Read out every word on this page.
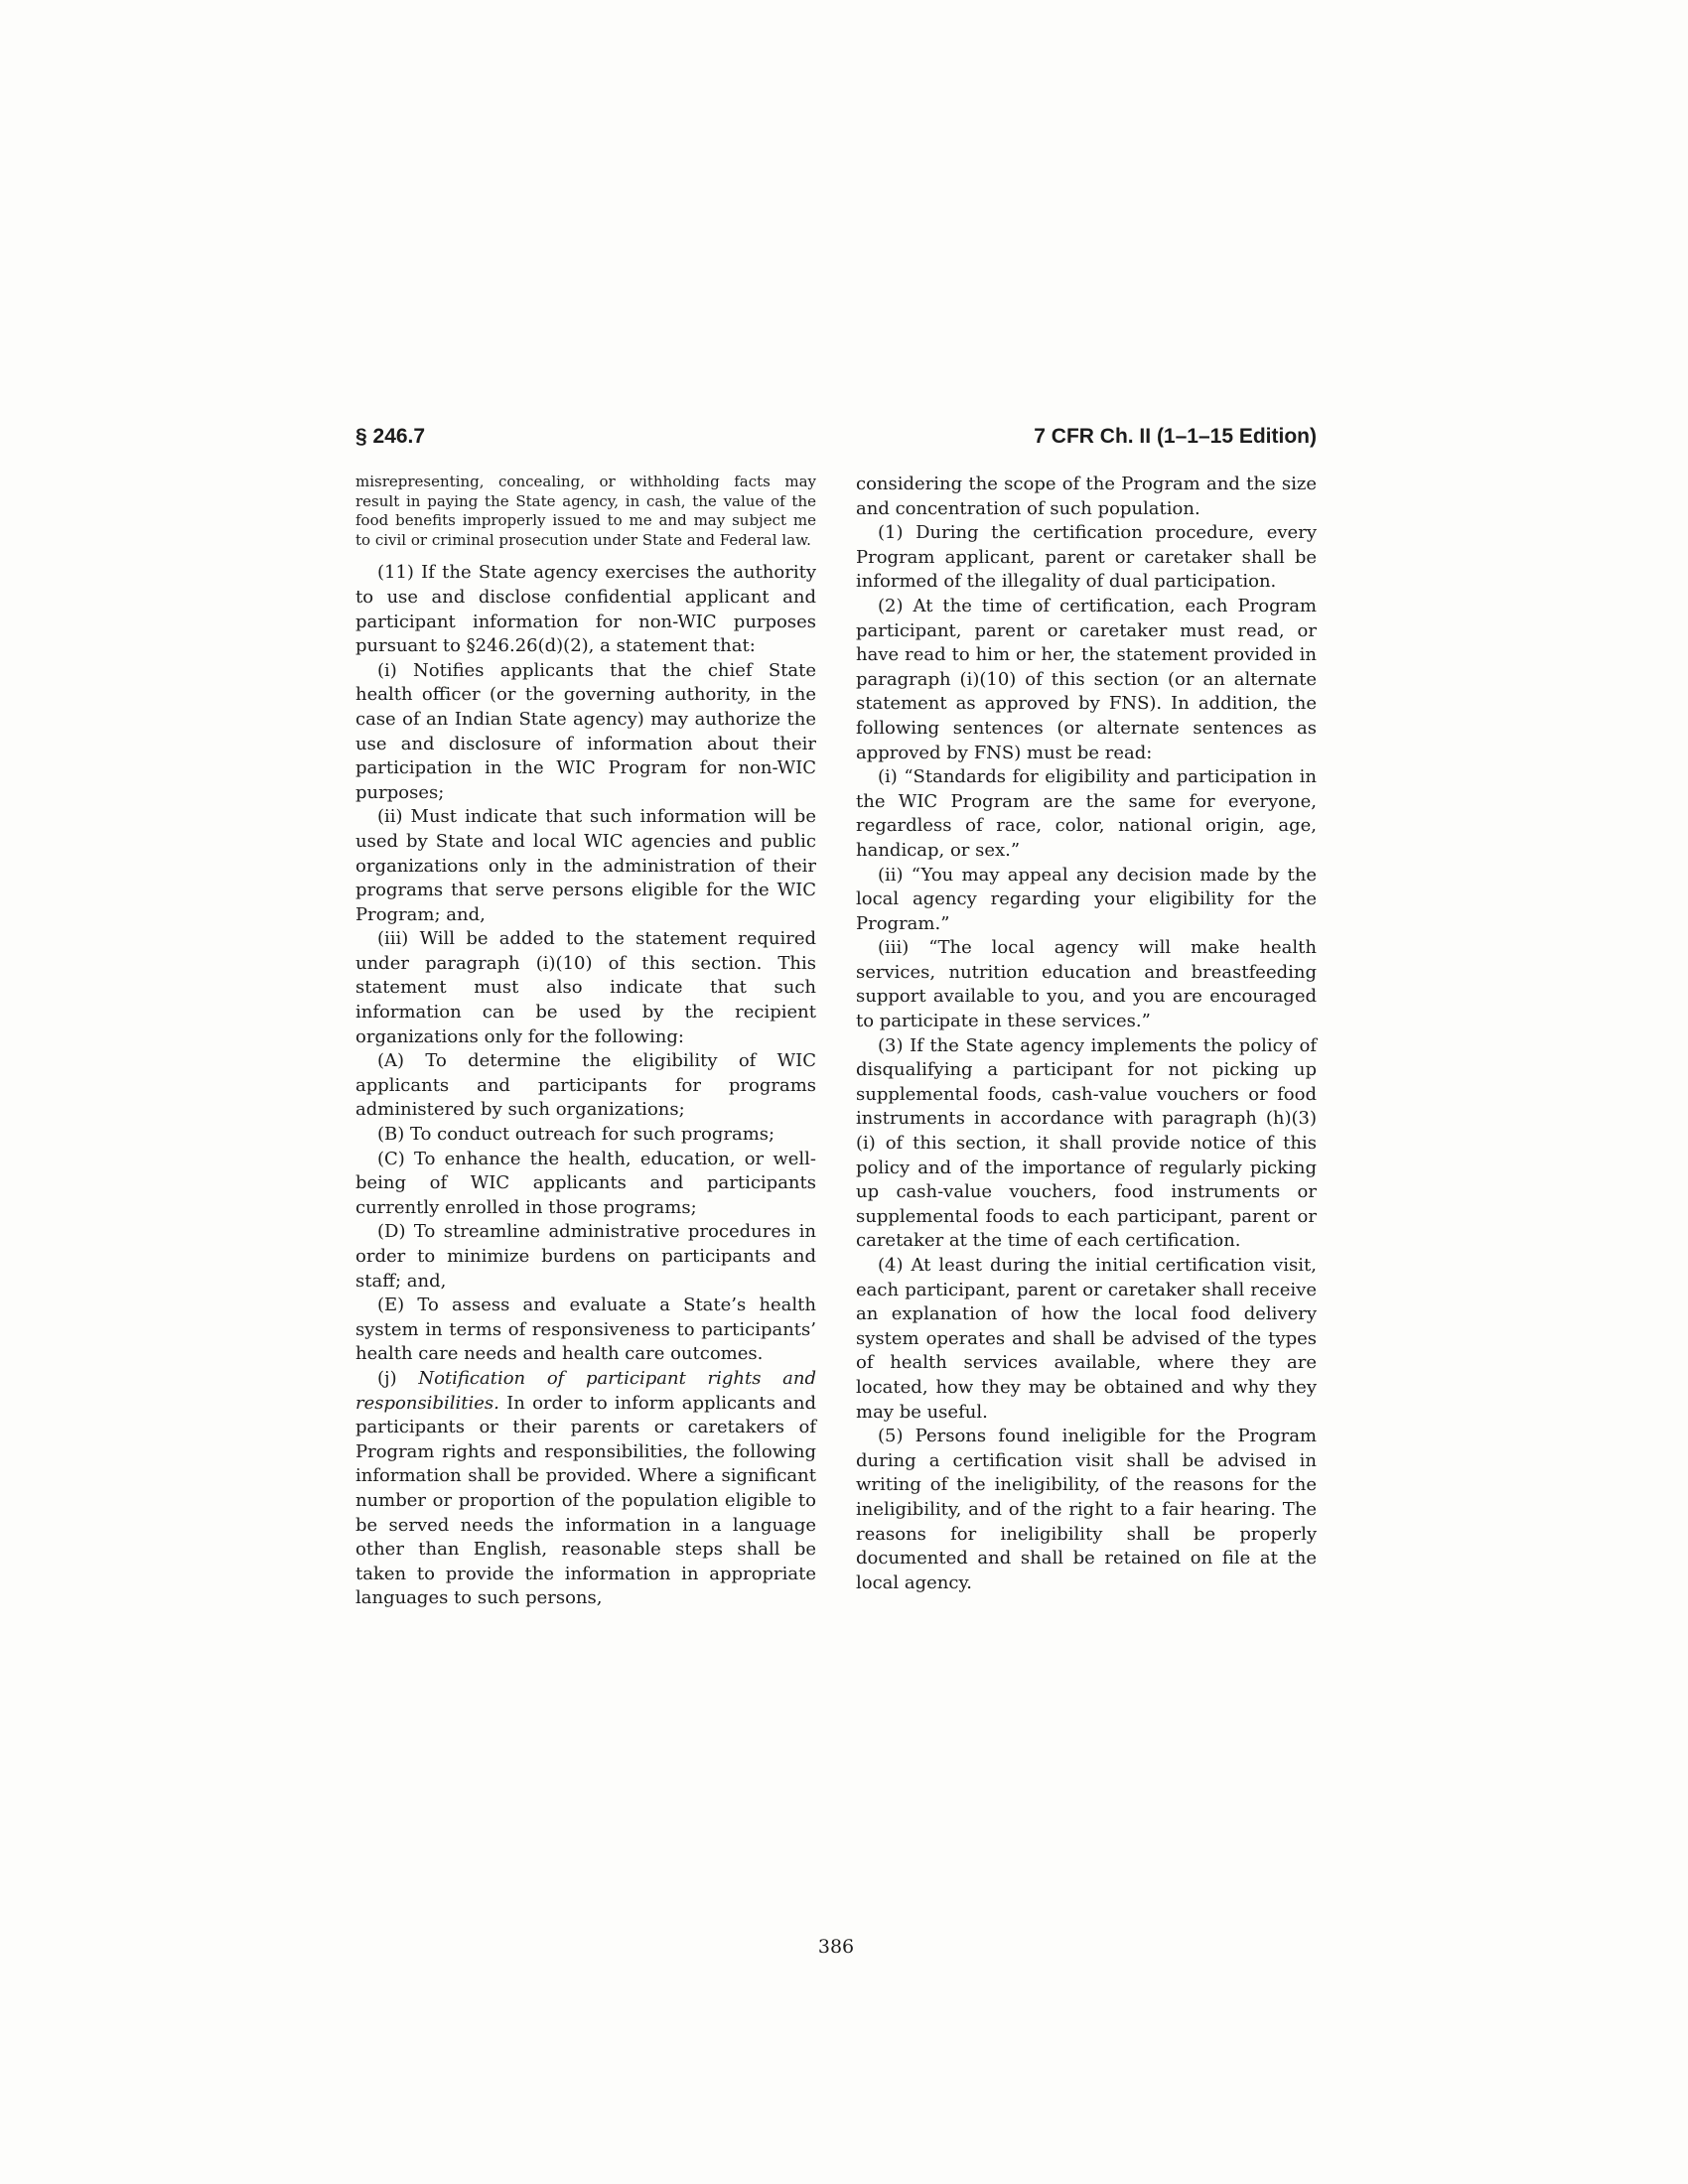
§ 246.7	7 CFR Ch. II (1–1–15 Edition)

misrepresenting, concealing, or withholding facts may result in paying the State agency, in cash, the value of the food benefits improperly issued to me and may subject me to civil or criminal prosecution under State and Federal law.

(11) If the State agency exercises the authority to use and disclose confidential applicant and participant information for non-WIC purposes pursuant to §246.26(d)(2), a statement that:

(i) Notifies applicants that the chief State health officer (or the governing authority, in the case of an Indian State agency) may authorize the use and disclosure of information about their participation in the WIC Program for non-WIC purposes;

(ii) Must indicate that such information will be used by State and local WIC agencies and public organizations only in the administration of their programs that serve persons eligible for the WIC Program; and,

(iii) Will be added to the statement required under paragraph (i)(10) of this section. This statement must also indicate that such information can be used by the recipient organizations only for the following:

(A) To determine the eligibility of WIC applicants and participants for programs administered by such organizations;

(B) To conduct outreach for such programs;

(C) To enhance the health, education, or well-being of WIC applicants and participants currently enrolled in those programs;

(D) To streamline administrative procedures in order to minimize burdens on participants and staff; and,

(E) To assess and evaluate a State’s health system in terms of responsiveness to participants’ health care needs and health care outcomes.

(j) Notification of participant rights and responsibilities. In order to inform applicants and participants or their parents or caretakers of Program rights and responsibilities, the following information shall be provided. Where a significant number or proportion of the population eligible to be served needs the information in a language other than English, reasonable steps shall be taken to provide the information in appropriate languages to such persons,

considering the scope of the Program and the size and concentration of such population.

(1) During the certification procedure, every Program applicant, parent or caretaker shall be informed of the illegality of dual participation.

(2) At the time of certification, each Program participant, parent or caretaker must read, or have read to him or her, the statement provided in paragraph (i)(10) of this section (or an alternate statement as approved by FNS). In addition, the following sentences (or alternate sentences as approved by FNS) must be read:

(i) “Standards for eligibility and participation in the WIC Program are the same for everyone, regardless of race, color, national origin, age, handicap, or sex.”

(ii) “You may appeal any decision made by the local agency regarding your eligibility for the Program.”

(iii) “The local agency will make health services, nutrition education and breastfeeding support available to you, and you are encouraged to participate in these services.”

(3) If the State agency implements the policy of disqualifying a participant for not picking up supplemental foods, cash-value vouchers or food instruments in accordance with paragraph (h)(3)(i) of this section, it shall provide notice of this policy and of the importance of regularly picking up cash-value vouchers, food instruments or supplemental foods to each participant, parent or caretaker at the time of each certification.

(4) At least during the initial certification visit, each participant, parent or caretaker shall receive an explanation of how the local food delivery system operates and shall be advised of the types of health services available, where they are located, how they may be obtained and why they may be useful.

(5) Persons found ineligible for the Program during a certification visit shall be advised in writing of the ineligibility, of the reasons for the ineligibility, and of the right to a fair hearing. The reasons for ineligibility shall be properly documented and shall be retained on file at the local agency.

386
